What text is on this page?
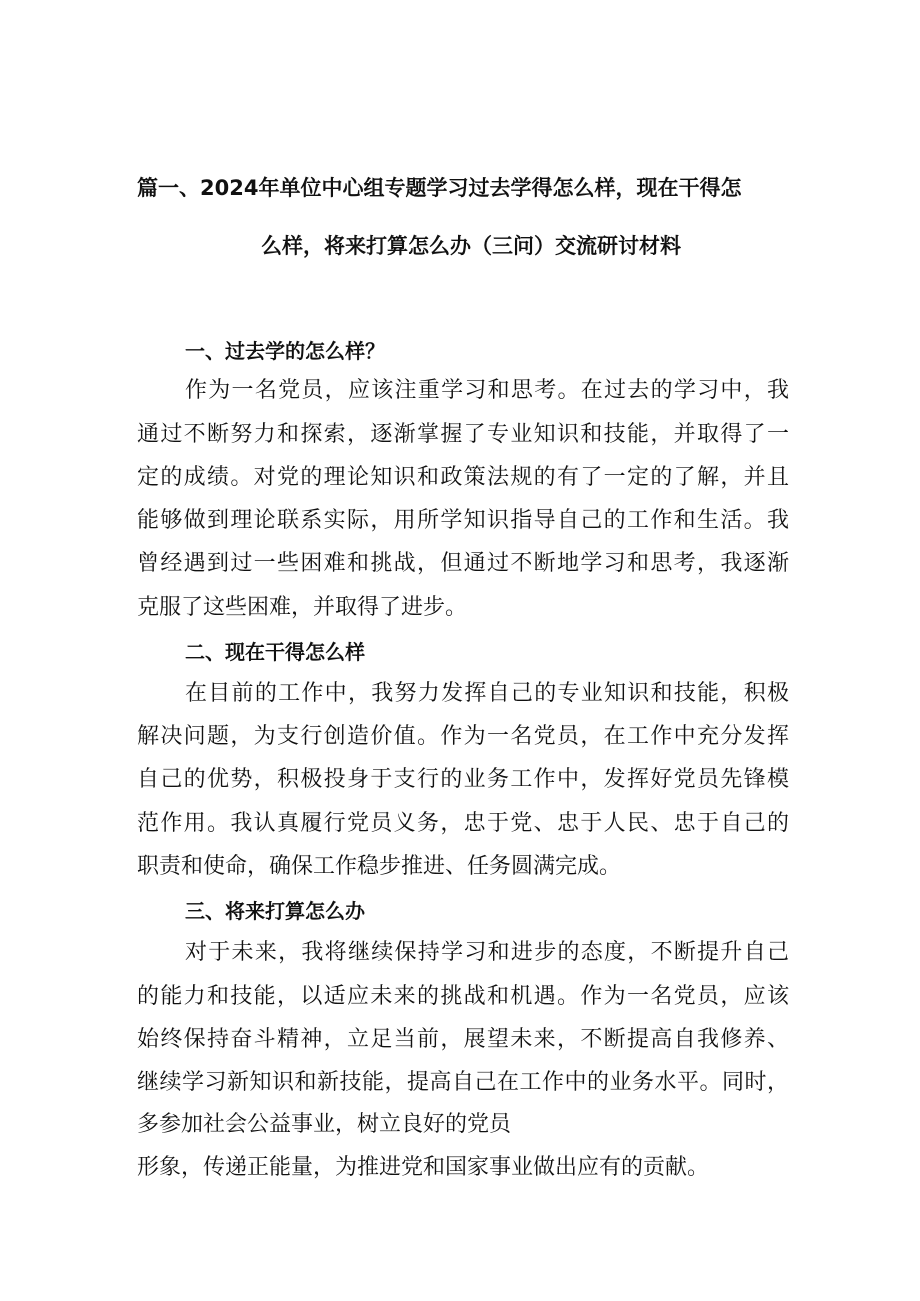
篇一、2024年单位中心组专题学习过去学得怎么样，现在干得怎
么样，将来打算怎么办（三问）交流研讨材料
一、过去学的怎么样？
作为一名党员，应该注重学习和思考。在过去的学习中，我
通过不断努力和探索，逐渐掌握了专业知识和技能，并取得了一
定的成绩。对党的理论知识和政策法规的有了一定的了解，并且
能够做到理论联系实际，用所学知识指导自己的工作和生活。我
曾经遇到过一些困难和挑战，但通过不断地学习和思考，我逐渐
克服了这些困难，并取得了进步。
二、现在干得怎么样
在目前的工作中，我努力发挥自己的专业知识和技能，积极
解决问题，为支行创造价值。作为一名党员，在工作中充分发挥
自己的优势，积极投身于支行的业务工作中，发挥好党员先锋模
范作用。我认真履行党员义务，忠于党、忠于人民、忠于自己的
职责和使命，确保工作稳步推进、任务圆满完成。
三、将来打算怎么办
对于未来，我将继续保持学习和进步的态度，不断提升自己
的能力和技能，以适应未来的挑战和机遇。作为一名党员，应该
始终保持奋斗精神，立足当前，展望未来，不断提高自我修养、
继续学习新知识和新技能，提高自己在工作中的业务水平。同时，
多参加社会公益事业，树立良好的党员
形象，传递正能量，为推进党和国家事业做出应有的贡献。
